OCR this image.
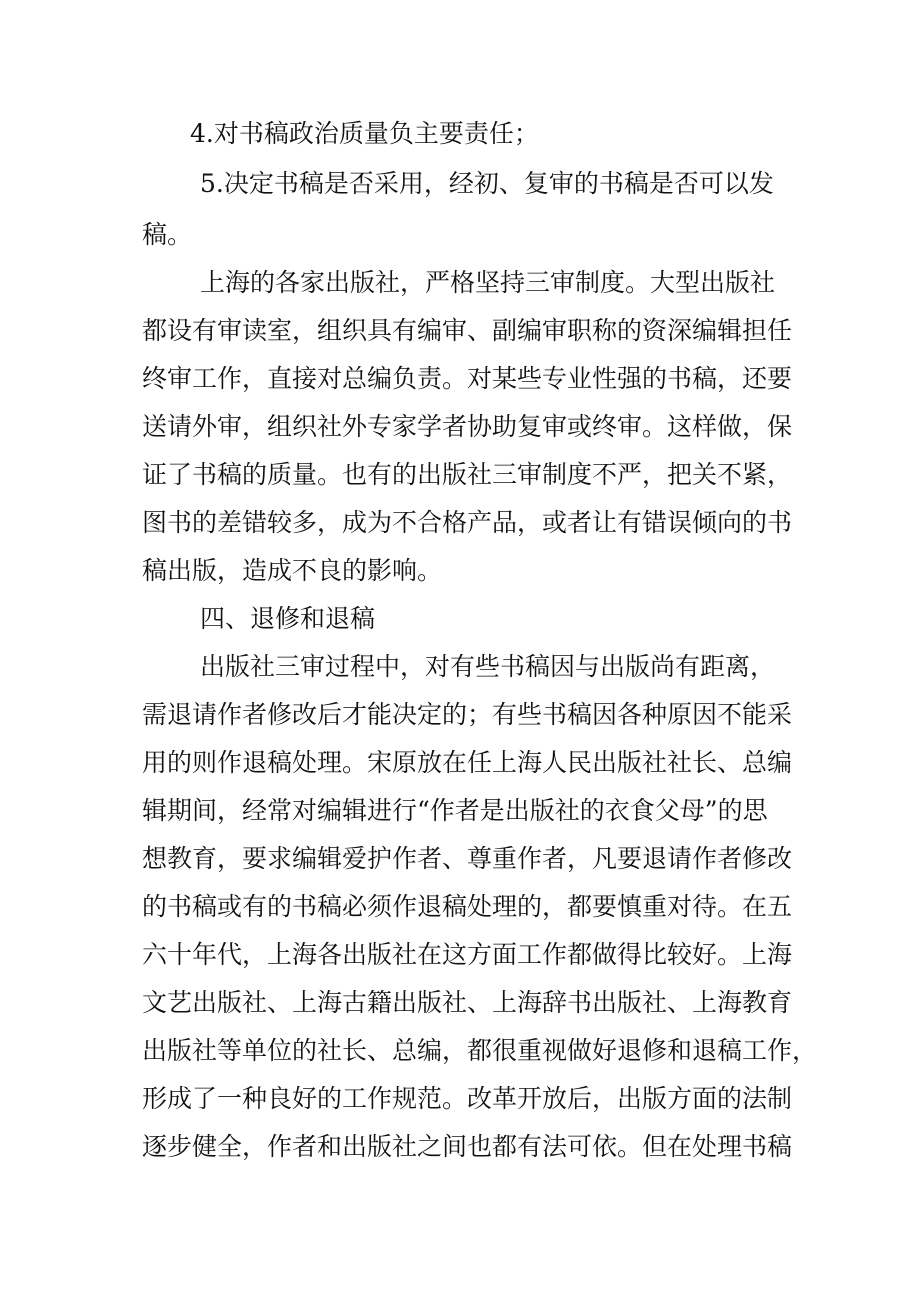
4.对书稿政治质量负主要责任；
5.决定书稿是否采用，经初、复审的书稿是否可以发
稿。
上海的各家出版社，严格坚持三审制度。大型出版社
都设有审读室，组织具有编审、副编审职称的资深编辑担任
终审工作，直接对总编负责。对某些专业性强的书稿，还要
送请外审，组织社外专家学者协助复审或终审。这样做，保
证了书稿的质量。也有的出版社三审制度不严，把关不紧，
图书的差错较多，成为不合格产品，或者让有错误倾向的书
稿出版，造成不良的影响。
四、退修和退稿
出版社三审过程中，对有些书稿因与出版尚有距离，
需退请作者修改后才能决定的；有些书稿因各种原因不能采
用的则作退稿处理。宋原放在任上海人民出版社社长、总编
辑期间，经常对编辑进行“作者是出版社的衣食父母”的思
想教育，要求编辑爱护作者、尊重作者，凡要退请作者修改
的书稿或有的书稿必须作退稿处理的，都要慎重对待。在五
六十年代，上海各出版社在这方面工作都做得比较好。上海
文艺出版社、上海古籍出版社、上海辞书出版社、上海教育
出版社等单位的社长、总编，都很重视做好退修和退稿工作，
形成了一种良好的工作规范。改革开放后，出版方面的法制
逐步健全，作者和出版社之间也都有法可依。但在处理书稿
